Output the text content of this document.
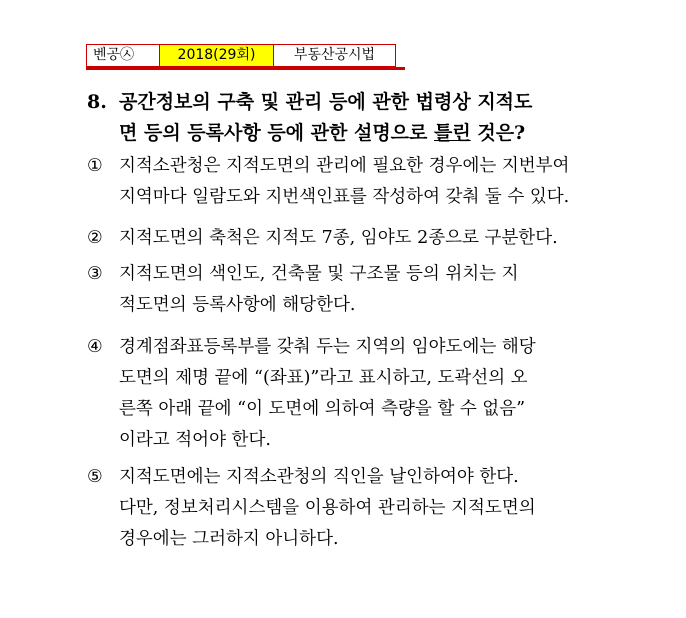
벤공㉦	2018(29회)	부동산공시법
8. 공간정보의 구축 및 관리 등에 관한 법령상 지적도
면 등의 등록사항 등에 관한 설명으로 틀린 것은?
① 지적소관청은 지적도면의 관리에 필요한 경우에는 지번부여
지역마다 일람도와 지번색인표를 작성하여 갖춰 둘 수 있다.
② 지적도면의 축척은 지적도 7종, 임야도 2종으로 구분한다.
③ 지적도면의 색인도, 건축물 및 구조물 등의 위치는 지
적도면의 등록사항에 해당한다.
④ 경계점좌표등록부를 갖춰 두는 지역의 임야도에는 해당
도면의 제명 끝에 “(좌표)”라고 표시하고, 도곽선의 오
른쪽 아래 끝에 “이 도면에 의하여 측량을 할 수 없음”
이라고 적어야 한다.
⑤ 지적도면에는 지적소관청의 직인을 날인하여야 한다.
다만, 정보처리시스템을 이용하여 관리하는 지적도면의
경우에는 그러하지 아니하다.
